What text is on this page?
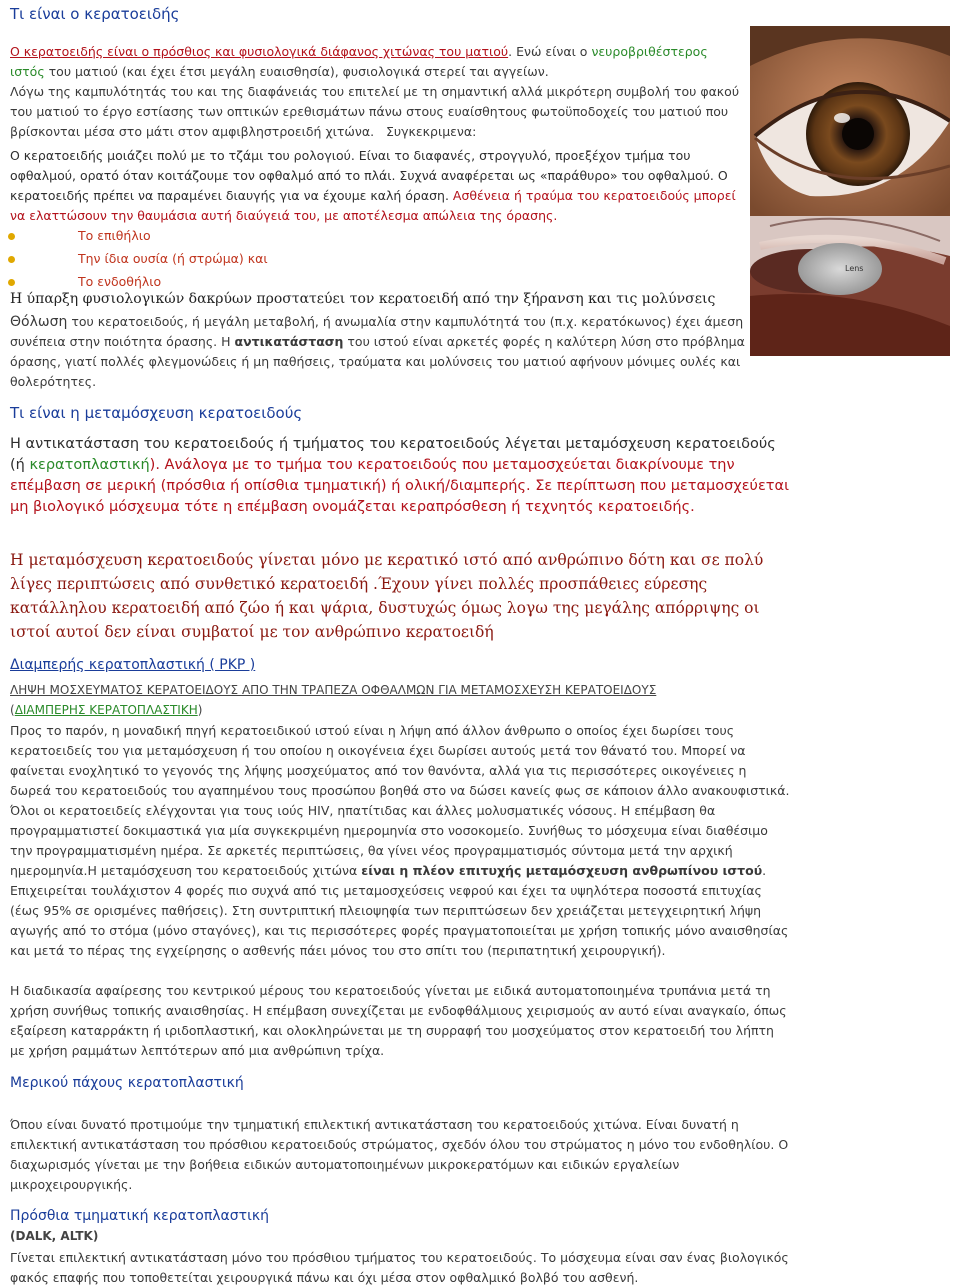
Τι είναι ο κερατοειδής
Ο κερατοειδής είναι ο πρόσθιος και φυσιολογικά διάφανος χιτώνας του ματιού. Ενώ είναι ο νευροβριθέστερος ιστός του ματιού (και έχει έτσι μεγάλη ευαισθησία), φυσιολογικά στερεί ται αγγείων.
Λόγω της καμπυλότητάς του και της διαφάνειάς του επιτελεί με τη σημαντική αλλά μικρότερη συμβολή του φακού του ματιού το έργο εστίασης των οπτικών ερεθισμάτων πάνω στους ευαίσθητους φωτοϋποδοχείς του ματιού που βρίσκονται μέσα στο μάτι στον αμφιβληστροειδή χιτώνα. Συγκεκριμενα:
Ο κερατοειδής μοιάζει πολύ με το τζάμι του ρολογιού. Είναι το διαφανές, στρογγυλό, προεξέχον τμήμα του οφθαλμού, ορατό όταν κοιτάζουμε τον οφθαλμό από το πλάι. Συχνά αναφέρεται ως «παράθυρο» του οφθαλμού. Ο κερατοειδής πρέπει να παραμένει διαυγής για να έχουμε καλή όραση. Ασθένεια ή τραύμα του κερατοειδούς μπορεί να ελαττώσουν την θαυμάσια αυτή διαύγειά του, με αποτέλεσμα απώλεια της όρασης.
Το επιθήλιο
Την ίδια ουσία (ή στρώμα) και
Το ενδοθήλιο
Η ύπαρξη φυσιολογικών δακρύων προστατεύει τον κερατοειδή από την ξήρανση και τις μολύνσεις
Θόλωση του κερατοειδούς, ή μεγάλη μεταβολή, ή ανωμαλία στην καμπυλότητά του (π.χ. κερατόκωνος) έχει άμεση συνέπεια στην ποιότητα όρασης. Η αντικατάσταση του ιστού είναι αρκετές φορές η καλύτερη λύση στο πρόβλημα όρασης, γιατί πολλές φλεγμονώδεις ή μη παθήσεις, τραύματα και μολύνσεις του ματιού αφήνουν μόνιμες ουλές και θολερότητες.
Lens
Τι είναι η μεταμόσχευση κερατοειδούς
Η αντικατάσταση του κερατοειδούς ή τμήματος του κερατοειδούς λέγεται μεταμόσχευση κερατοειδούς (ή κερατοπλαστική). Ανάλογα με το τμήμα του κερατοειδούς που μεταμοσχεύεται διακρίνουμε την επέμβαση σε μερική (πρόσθια ή οπίσθια τμηματική) ή ολική/διαμπερής. Σε περίπτωση που μεταμοσχεύεται μη βιολογικό μόσχευμα τότε η επέμβαση ονομάζεται κεραπρόσθεση ή τεχνητός κερατοειδής.
Η μεταμόσχευση κερατοειδούς γίνεται μόνο με κερατικό ιστό από ανθρώπινο δότη και σε πολύ λίγες περιπτώσεις από συνθετικό κερατοειδή .Έχουν γίνει πολλές προσπάθειες εύρεσης κατάλληλου κερατοειδή από ζώο ή και ψάρια, δυστυχώς όμως λογω της μεγάλης απόρριψης οι ιστοί αυτοί δεν είναι συμβατοί με τον ανθρώπινο κερατοειδή
Διαμπερής κερατοπλαστική ( PKP )
ΛΗΨΗ ΜΟΣΧΕΥΜΑΤΟΣ ΚΕΡΑΤΟΕΙΔΟΥΣ ΑΠΟ ΤΗΝ ΤΡΑΠΕΖΑ ΟΦΘΑΛΜΩΝ ΓΙΑ ΜΕΤΑΜΟΣΧΕΥΣΗ ΚΕΡΑΤΟΕΙΔΟΥΣ
(ΔΙΑΜΠΕΡΗΣ ΚΕΡΑΤΟΠΛΑΣΤΙΚΗ)
Προς το παρόν, η μοναδική πηγή κερατοειδικού ιστού είναι η λήψη από άλλον άνθρωπο ο οποίος έχει δωρίσει τους κερατοειδείς του για μεταμόσχευση ή του οποίου η οικογένεια έχει δωρίσει αυτούς μετά τον θάνατό του. Μπορεί να φαίνεται ενοχλητικό το γεγονός της λήψης μοσχεύματος από τον θανόντα, αλλά για τις περισσότερες οικογένειες η δωρεά του κερατοειδούς του αγαπημένου τους προσώπου βοηθά στο να δώσει κανείς φως σε κάποιον άλλο ανακουφιστικά.
Όλοι οι κερατοειδείς ελέγχονται για τους ιούς HIV, ηπατίτιδας και άλλες μολυσματικές νόσους. Η επέμβαση θα προγραμματιστεί δοκιμαστικά για μία συγκεκριμένη ημερομηνία στο νοσοκομείο. Συνήθως το μόσχευμα είναι διαθέσιμο την προγραμματισμένη ημέρα. Σε αρκετές περιπτώσεις, θα γίνει νέος προγραμματισμός σύντομα μετά την αρχική ημερομηνία.Η μεταμόσχευση του κερατοειδούς χιτώνα είναι η πλέον επιτυχής μεταμόσχευση ανθρωπίνου ιστού. Επιχειρείται τουλάχιστον 4 φορές πιο συχνά από τις μεταμοσχεύσεις νεφρού και έχει τα υψηλότερα ποσοστά επιτυχίας (έως 95% σε ορισμένες παθήσεις). Στη συντριπτική πλειοψηφία των περιπτώσεων δεν χρειάζεται μετεγχειρητική λήψη αγωγής από το στόμα (μόνο σταγόνες), και τις περισσότερες φορές πραγματοποιείται με χρήση τοπικής μόνο αναισθησίας και μετά το πέρας της εγχείρησης ο ασθενής πάει μόνος του στο σπίτι του (περιπατητική χειρουργική).
Η διαδικασία αφαίρεσης του κεντρικού μέρους του κερατοειδούς γίνεται με ειδικά αυτοματοποιημένα τρυπάνια μετά τη χρήση συνήθως τοπικής αναισθησίας. Η επέμβαση συνεχίζεται με ενδοφθάλμιους χειρισμούς αν αυτό είναι αναγκαίο, όπως εξαίρεση καταρράκτη ή ιριδοπλαστική, και ολοκληρώνεται με τη συρραφή του μοσχεύματος στον κερατοειδή του λήπτη με χρήση ραμμάτων λεπτότερων από μια ανθρώπινη τρίχα.
Μερικού πάχους κερατοπλαστική
Όπου είναι δυνατό προτιμούμε την τμηματική επιλεκτική αντικατάσταση του κερατοειδούς χιτώνα. Είναι δυνατή η επιλεκτική αντικατάσταση του πρόσθιου κερατοειδούς στρώματος, σχεδόν όλου του στρώματος η μόνο του ενδοθηλίου. Ο διαχωρισμός γίνεται με την βοήθεια ειδικών αυτοματοποιημένων μικροκερατόμων και ειδικών εργαλείων μικροχειρουργικής.
Πρόσθια τμηματική κερατοπλαστική
(DALK, ALTK)
Γίνεται επιλεκτική αντικατάσταση μόνο του πρόσθιου τμήματος του κερατοειδούς. Το μόσχευμα είναι σαν ένας βιολογικός φακός επαφής που τοποθετείται χειρουργικά πάνω και όχι μέσα στον οφθαλμικό βολβό του ασθενή.
